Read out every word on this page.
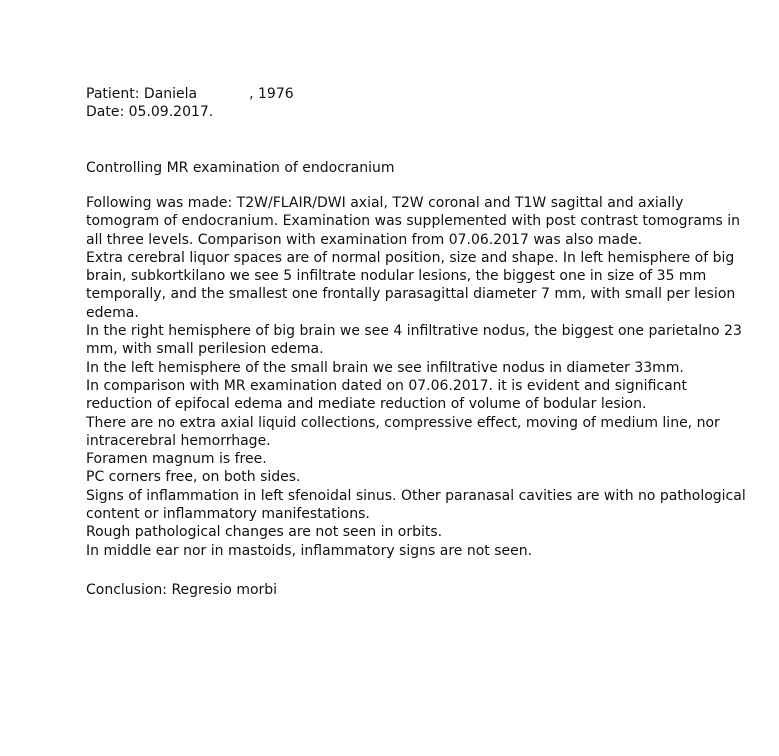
Patient: Daniela	, 1976
Date: 05.09.2017.
Controlling MR examination of endocranium
Following was made: T2W/FLAIR/DWI axial, T2W coronal and T1W sagittal and axially
tomogram of endocranium. Examination was supplemented with post contrast tomograms in
all three levels. Comparison with examination from 07.06.2017 was also made.
Extra cerebral liquor spaces are of normal position, size and shape. In left hemisphere of big
brain, subkortkilano we see 5 infiltrate nodular lesions, the biggest one in size of 35 mm
temporally, and the smallest one frontally parasagittal diameter 7 mm, with small per lesion
edema.
In the right hemisphere of big brain we see 4 infiltrative nodus, the biggest one parietalno 23
mm, with small perilesion edema.
In the left hemisphere of the small brain we see infiltrative nodus in diameter 33mm.
In comparison with MR examination dated on 07.06.2017. it is evident and significant
reduction of epifocal edema and mediate reduction of volume of bodular lesion.
There are no extra axial liquid collections, compressive effect, moving of medium line, nor
intracerebral hemorrhage.
Foramen magnum is free.
PC corners free, on both sides.
Signs of inflammation in left sfenoidal sinus. Other paranasal cavities are with no pathological
content or inflammatory manifestations.
Rough pathological changes are not seen in orbits.
In middle ear nor in mastoids, inflammatory signs are not seen.
Conclusion: Regresio morbi
